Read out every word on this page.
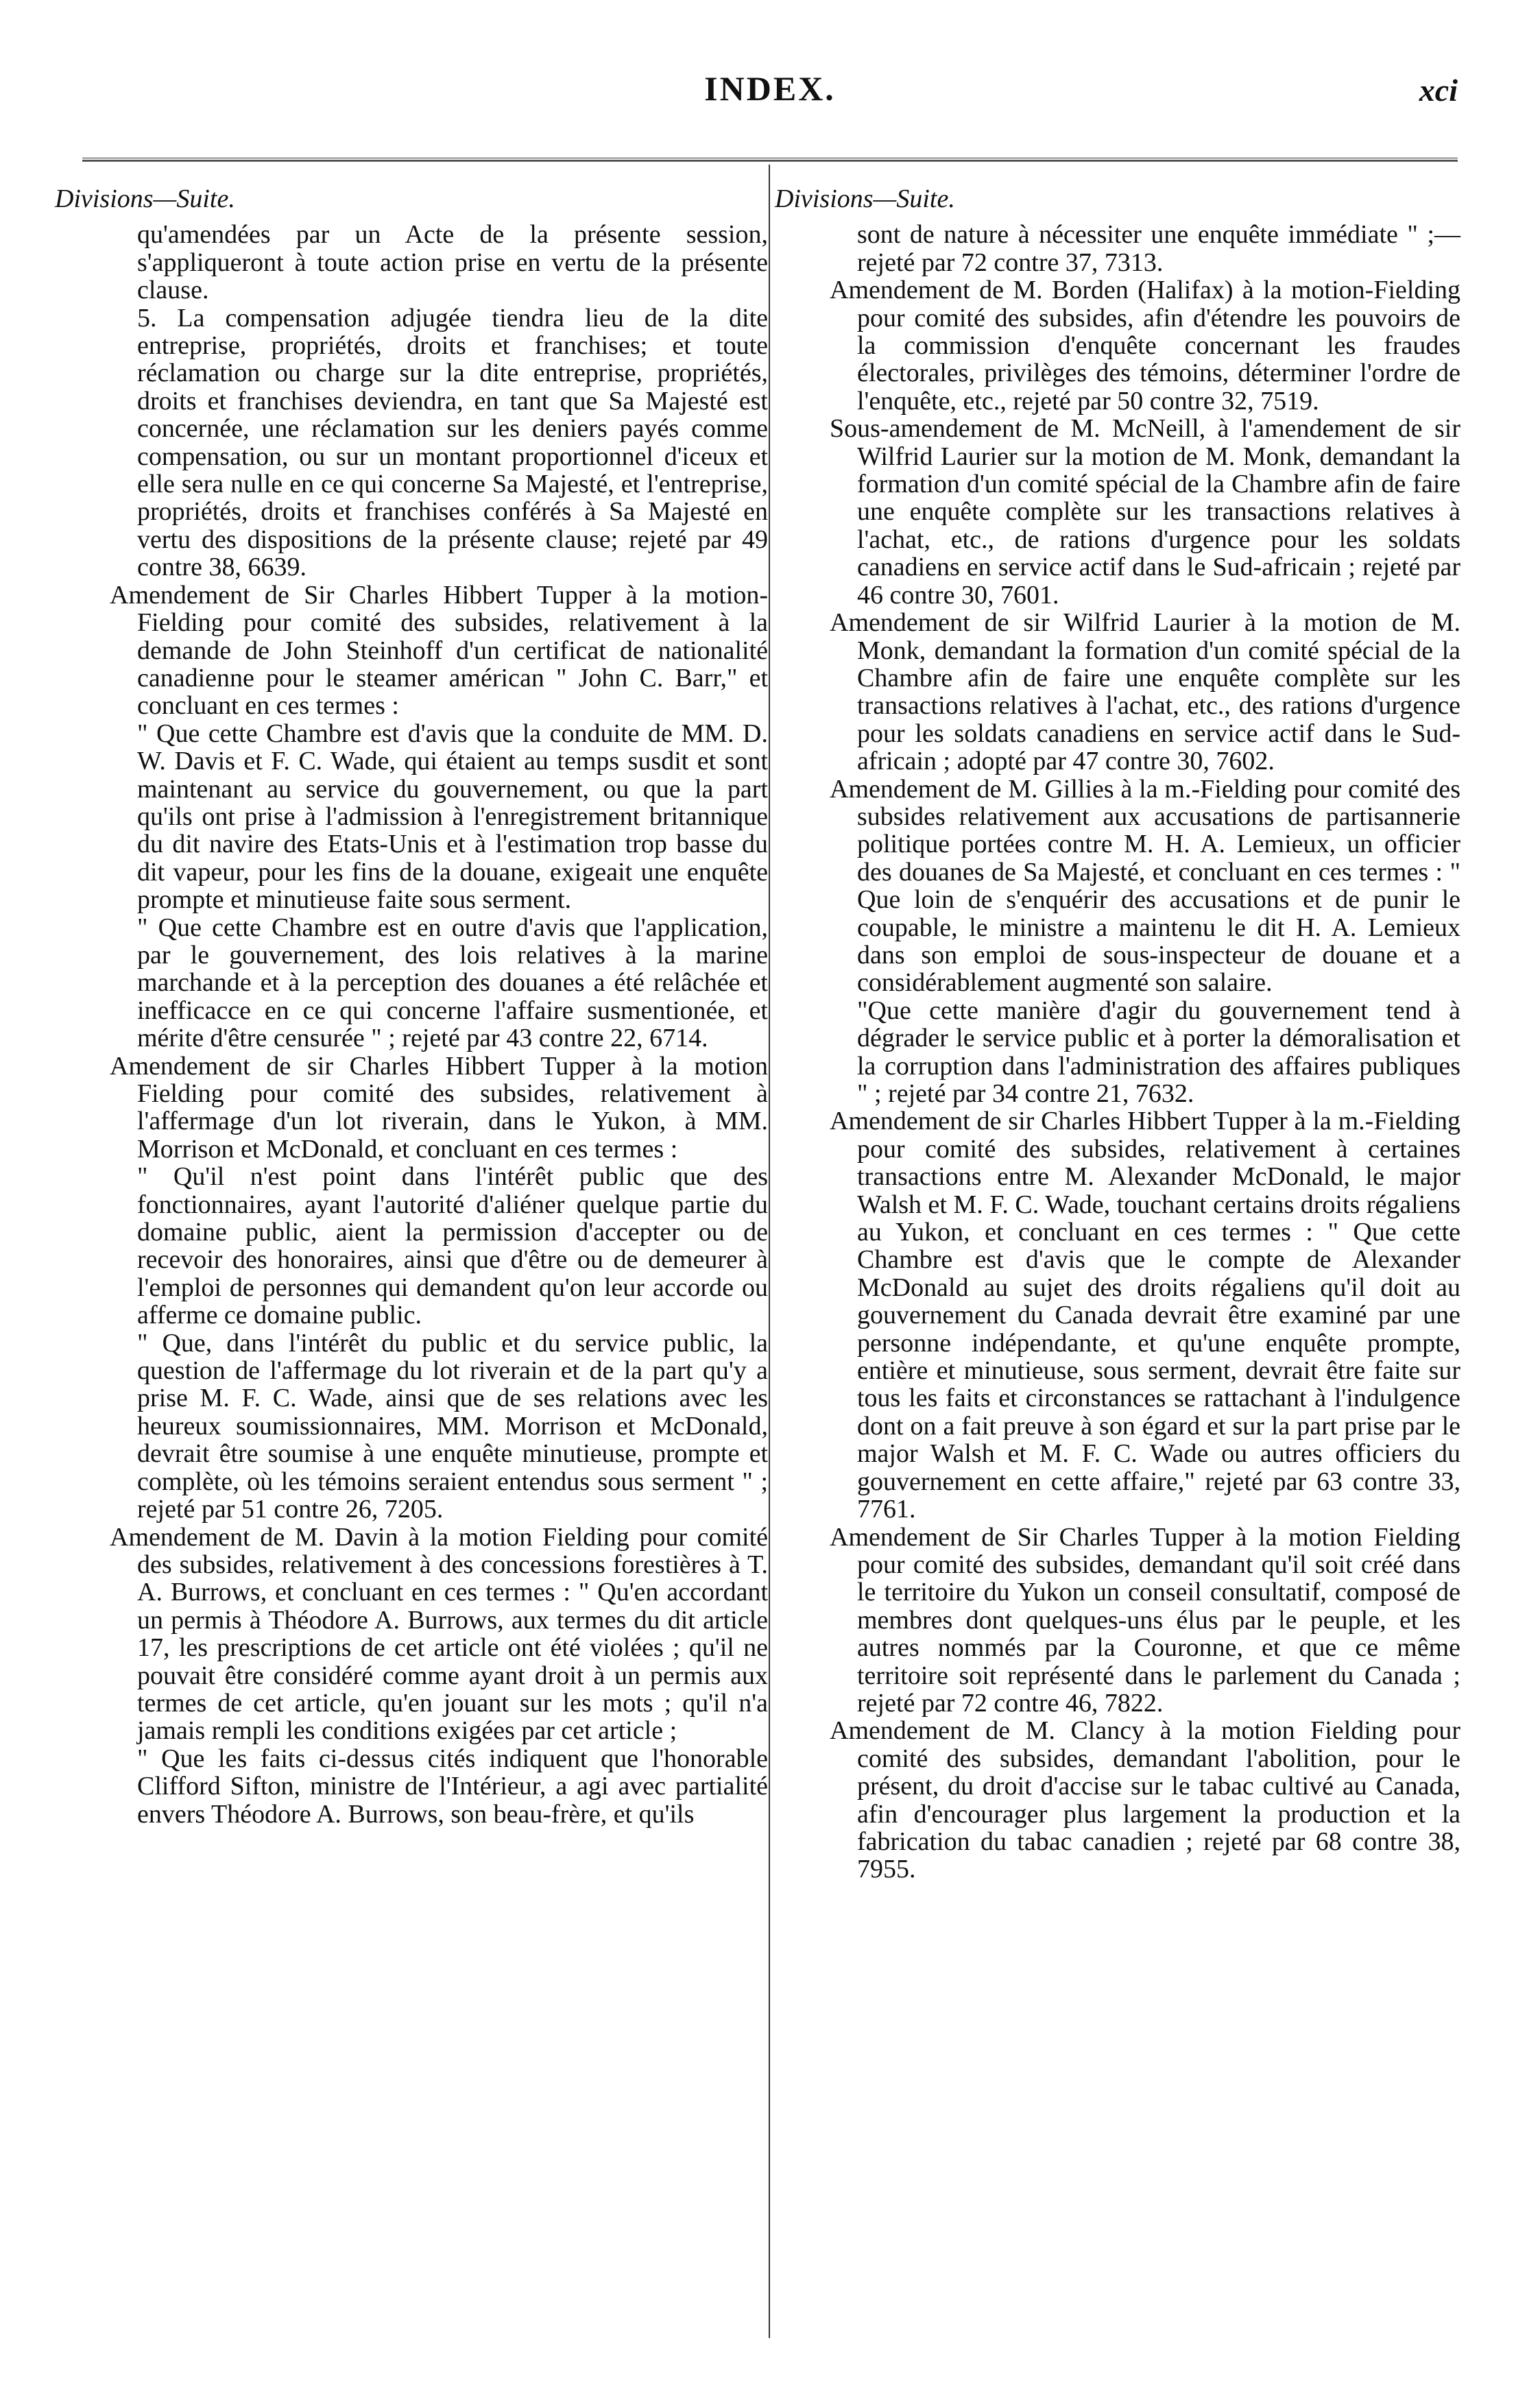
INDEX.	xci
Divisions—Suite.

qu'amendées par un Acte de la présente session, s'appliqueront à toute action prise en vertu de la présente clause.

5. La compensation adjugée tiendra lieu de la dite entreprise, propriétés, droits et franchises; et toute réclamation ou charge sur la dite entreprise, propriétés, droits et franchises deviendra, en tant que Sa Majesté est concernée, une réclamation sur les deniers payés comme compensation, ou sur un montant proportionnel d'iceux et elle sera nulle en ce qui concerne Sa Majesté, et l'entreprise, propriétés, droits et franchises conférés à Sa Majesté en vertu des dispositions de la présente clause; rejeté par 49 contre 38, 6639.

Amendement de Sir Charles Hibbert Tupper à la motion-Fielding pour comité des subsides, relativement à la demande de John Steinhoff d'un certificat de nationalité canadienne pour le steamer américan " John C. Barr," et concluant en ces termes :

" Que cette Chambre est d'avis que la conduite de MM. D. W. Davis et F. C. Wade, qui étaient au temps susdit et sont maintenant au service du gouvernement, ou que la part qu'ils ont prise à l'admission à l'enregistrement britannique du dit navire des Etats-Unis et à l'estimation trop basse du dit vapeur, pour les fins de la douane, exigeait une enquête prompte et minutieuse faite sous serment.

" Que cette Chambre est en outre d'avis que l'application, par le gouvernement, des lois relatives à la marine marchande et à la perception des douanes a été relâchée et inefficacce en ce qui concerne l'affaire susmentionée, et mérite d'être censurée " ; rejeté par 43 contre 22, 6714.

Amendement de sir Charles Hibbert Tupper à la motion Fielding pour comité des subsides, relativement à l'affermage d'un lot riverain, dans le Yukon, à MM. Morrison et McDonald, et concluant en ces termes :

" Qu'il n'est point dans l'intérêt public que des fonctionnaires, ayant l'autorité d'aliéner quelque partie du domaine public, aient la permission d'accepter ou de recevoir des honoraires, ainsi que d'être ou de demeurer à l'emploi de personnes qui demandent qu'on leur accorde ou afferme ce domaine public.

" Que, dans l'intérêt du public et du service public, la question de l'affermage du lot riverain et de la part qu'y a prise M. F. C. Wade, ainsi que de ses relations avec les heureux soumissionnaires, MM. Morrison et McDonald, devrait être soumise à une enquête minutieuse, prompte et complète, où les témoins seraient entendus sous serment " ; rejeté par 51 contre 26, 7205.

Amendement de M. Davin à la motion Fielding pour comité des subsides, relativement à des concessions forestières à T. A. Burrows, et concluant en ces termes : " Qu'en accordant un permis à Théodore A. Burrows, aux termes du dit article 17, les prescriptions de cet article ont été violées ; qu'il ne pouvait être considéré comme ayant droit à un permis aux termes de cet article, qu'en jouant sur les mots ; qu'il n'a jamais rempli les conditions exigées par cet article ;

" Que les faits ci-dessus cités indiquent que l'honorable Clifford Sifton, ministre de l'Intérieur, a agi avec partialité envers Théodore A. Burrows, son beau-frère, et qu'ils

Divisions—Suite.

sont de nature à nécessiter une enquête immédiate " ;—rejeté par 72 contre 37, 7313.

Amendement de M. Borden (Halifax) à la motion-Fielding pour comité des subsides, afin d'étendre les pouvoirs de la commission d'enquête concernant les fraudes électorales, privilèges des témoins, déterminer l'ordre de l'enquête, etc., rejeté par 50 contre 32, 7519.

Sous-amendement de M. McNeill, à l'amendement de sir Wilfrid Laurier sur la motion de M. Monk, demandant la formation d'un comité spécial de la Chambre afin de faire une enquête complète sur les transactions relatives à l'achat, etc., de rations d'urgence pour les soldats canadiens en service actif dans le Sud-africain ; rejeté par 46 contre 30, 7601.

Amendement de sir Wilfrid Laurier à la motion de M. Monk, demandant la formation d'un comité spécial de la Chambre afin de faire une enquête complète sur les transactions relatives à l'achat, etc., des rations d'urgence pour les soldats canadiens en service actif dans le Sud-africain ; adopté par 47 contre 30, 7602.

Amendement de M. Gillies à la m.-Fielding pour comité des subsides relativement aux accusations de partisannerie politique portées contre M. H. A. Lemieux, un officier des douanes de Sa Majesté, et concluant en ces termes : " Que loin de s'enquérir des accusations et de punir le coupable, le ministre a maintenu le dit H. A. Lemieux dans son emploi de sous-inspecteur de douane et a considérablement augmenté son salaire.

"Que cette manière d'agir du gouvernement tend à dégrader le service public et à porter la démoralisation et la corruption dans l'administration des affaires publiques " ; rejeté par 34 contre 21, 7632.

Amendement de sir Charles Hibbert Tupper à la m.-Fielding pour comité des subsides, relativement à certaines transactions entre M. Alexander McDonald, le major Walsh et M. F. C. Wade, touchant certains droits régaliens au Yukon, et concluant en ces termes : " Que cette Chambre est d'avis que le compte de Alexander McDonald au sujet des droits régaliens qu'il doit au gouvernement du Canada devrait être examiné par une personne indépendante, et qu'une enquête prompte, entière et minutieuse, sous serment, devrait être faite sur tous les faits et circonstances se rattachant à l'indulgence dont on a fait preuve à son égard et sur la part prise par le major Walsh et M. F. C. Wade ou autres officiers du gouvernement en cette affaire," rejeté par 63 contre 33, 7761.

Amendement de Sir Charles Tupper à la motion Fielding pour comité des subsides, demandant qu'il soit créé dans le territoire du Yukon un conseil consultatif, composé de membres dont quelques-uns élus par le peuple, et les autres nommés par la Couronne, et que ce même territoire soit représenté dans le parlement du Canada ; rejeté par 72 contre 46, 7822.

Amendement de M. Clancy à la motion Fielding pour comité des subsides, demandant l'abolition, pour le présent, du droit d'accise sur le tabac cultivé au Canada, afin d'encourager plus largement la production et la fabrication du tabac canadien ; rejeté par 68 contre 38, 7955.
